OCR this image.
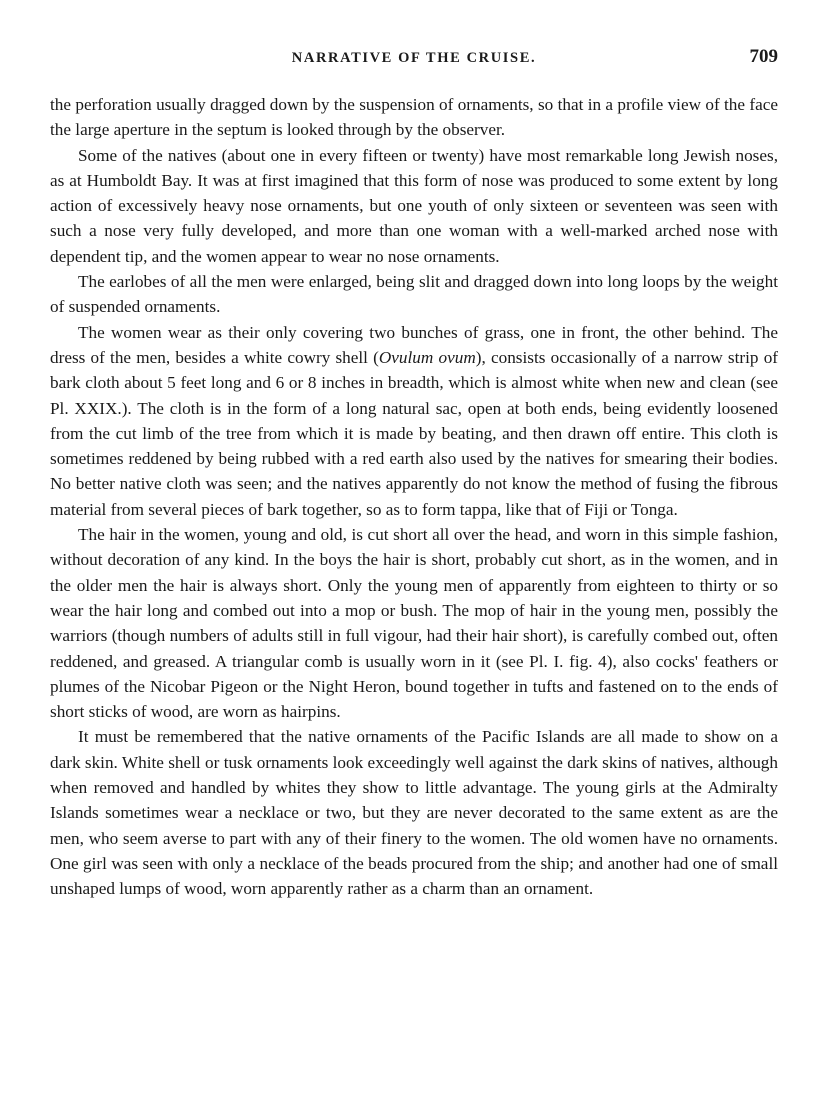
NARRATIVE OF THE CRUISE.	709

the perforation usually dragged down by the suspension of ornaments, so that in a profile view of the face the large aperture in the septum is looked through by the observer.

Some of the natives (about one in every fifteen or twenty) have most remarkable long Jewish noses, as at Humboldt Bay. It was at first imagined that this form of nose was produced to some extent by long action of excessively heavy nose ornaments, but one youth of only sixteen or seventeen was seen with such a nose very fully developed, and more than one woman with a well-marked arched nose with dependent tip, and the women appear to wear no nose ornaments.

The earlobes of all the men were enlarged, being slit and dragged down into long loops by the weight of suspended ornaments.

The women wear as their only covering two bunches of grass, one in front, the other behind. The dress of the men, besides a white cowry shell (Ovulum ovum), consists occasionally of a narrow strip of bark cloth about 5 feet long and 6 or 8 inches in breadth, which is almost white when new and clean (see Pl. XXIX.). The cloth is in the form of a long natural sac, open at both ends, being evidently loosened from the cut limb of the tree from which it is made by beating, and then drawn off entire. This cloth is sometimes reddened by being rubbed with a red earth also used by the natives for smearing their bodies. No better native cloth was seen; and the natives apparently do not know the method of fusing the fibrous material from several pieces of bark together, so as to form tappa, like that of Fiji or Tonga.

The hair in the women, young and old, is cut short all over the head, and worn in this simple fashion, without decoration of any kind. In the boys the hair is short, probably cut short, as in the women, and in the older men the hair is always short. Only the young men of apparently from eighteen to thirty or so wear the hair long and combed out into a mop or bush. The mop of hair in the young men, possibly the warriors (though numbers of adults still in full vigour, had their hair short), is carefully combed out, often reddened, and greased. A triangular comb is usually worn in it (see Pl. I. fig. 4), also cocks' feathers or plumes of the Nicobar Pigeon or the Night Heron, bound together in tufts and fastened on to the ends of short sticks of wood, are worn as hairpins.

It must be remembered that the native ornaments of the Pacific Islands are all made to show on a dark skin. White shell or tusk ornaments look exceedingly well against the dark skins of natives, although when removed and handled by whites they show to little advantage. The young girls at the Admiralty Islands sometimes wear a necklace or two, but they are never decorated to the same extent as are the men, who seem averse to part with any of their finery to the women. The old women have no ornaments. One girl was seen with only a necklace of the beads procured from the ship; and another had one of small unshaped lumps of wood, worn apparently rather as a charm than an ornament.
